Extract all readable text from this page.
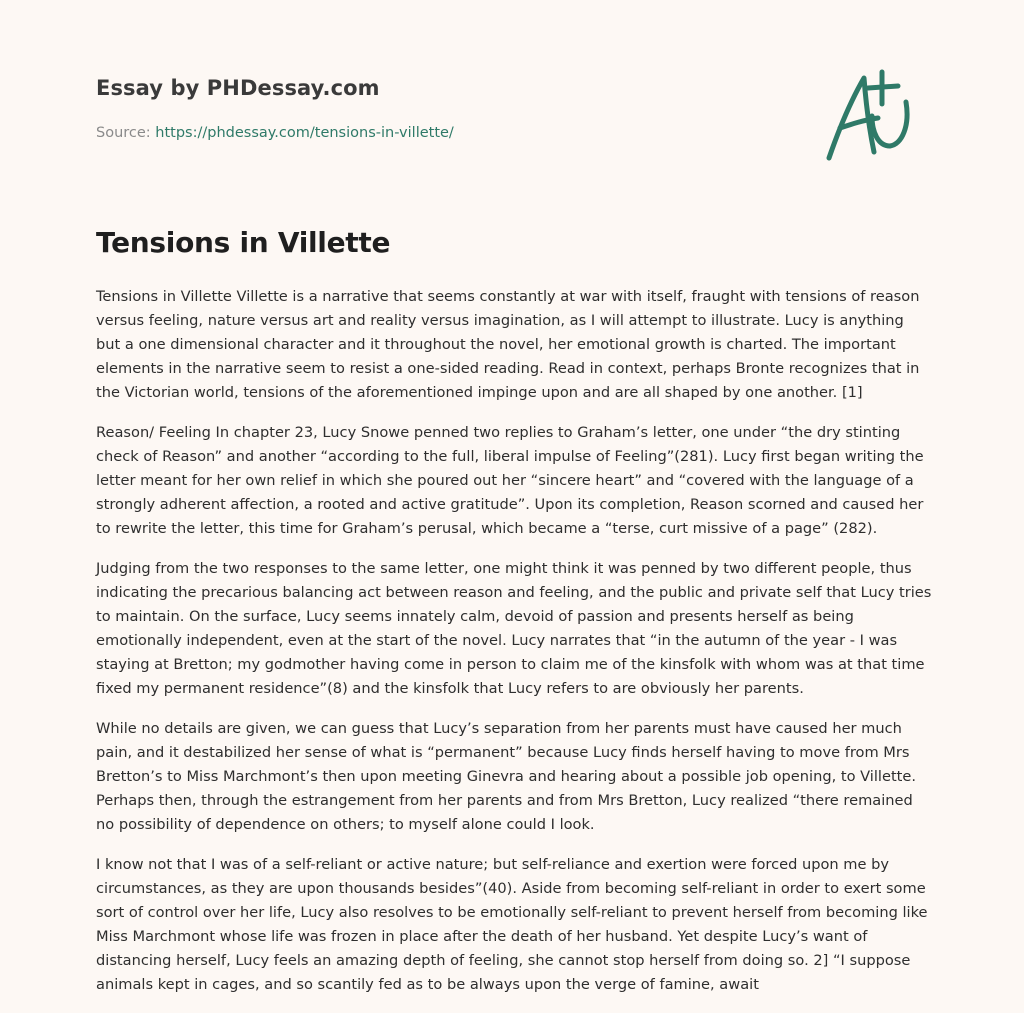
Essay by PHDessay.com
Source: https://phdessay.com/tensions-in-villette/
Tensions in Villette

Tensions in Villette Villette is a narrative that seems constantly at war with itself, fraught with tensions of reason versus feeling, nature versus art and reality versus imagination, as I will attempt to illustrate. Lucy is anything but a one dimensional character and it throughout the novel, her emotional growth is charted. The important elements in the narrative seem to resist a one-sided reading. Read in context, perhaps Bronte recognizes that in the Victorian world, tensions of the aforementioned impinge upon and are all shaped by one another. [1]

Reason/ Feeling In chapter 23, Lucy Snowe penned two replies to Graham’s letter, one under “the dry stinting check of Reason” and another “according to the full, liberal impulse of Feeling”(281). Lucy first began writing the letter meant for her own relief in which she poured out her “sincere heart” and “covered with the language of a strongly adherent affection, a rooted and active gratitude”. Upon its completion, Reason scorned and caused her to rewrite the letter, this time for Graham’s perusal, which became a “terse, curt missive of a page” (282).

Judging from the two responses to the same letter, one might think it was penned by two different people, thus indicating the precarious balancing act between reason and feeling, and the public and private self that Lucy tries to maintain. On the surface, Lucy seems innately calm, devoid of passion and presents herself as being emotionally independent, even at the start of the novel. Lucy narrates that “in the autumn of the year - I was staying at Bretton; my godmother having come in person to claim me of the kinsfolk with whom was at that time fixed my permanent residence”(8) and the kinsfolk that Lucy refers to are obviously her parents.

While no details are given, we can guess that Lucy’s separation from her parents must have caused her much pain, and it destabilized her sense of what is “permanent” because Lucy finds herself having to move from Mrs Bretton’s to Miss Marchmont’s then upon meeting Ginevra and hearing about a possible job opening, to Villette. Perhaps then, through the estrangement from her parents and from Mrs Bretton, Lucy realized “there remained no possibility of dependence on others; to myself alone could I look.

I know not that I was of a self-reliant or active nature; but self-reliance and exertion were forced upon me by circumstances, as they are upon thousands besides”(40). Aside from becoming self-reliant in order to exert some sort of control over her life, Lucy also resolves to be emotionally self-reliant to prevent herself from becoming like Miss Marchmont whose life was frozen in place after the death of her husband. Yet despite Lucy’s want of distancing herself, Lucy feels an amazing depth of feeling, she cannot stop herself from doing so. 2] “I suppose animals kept in cages, and so scantily fed as to be always upon the verge of famine, await
